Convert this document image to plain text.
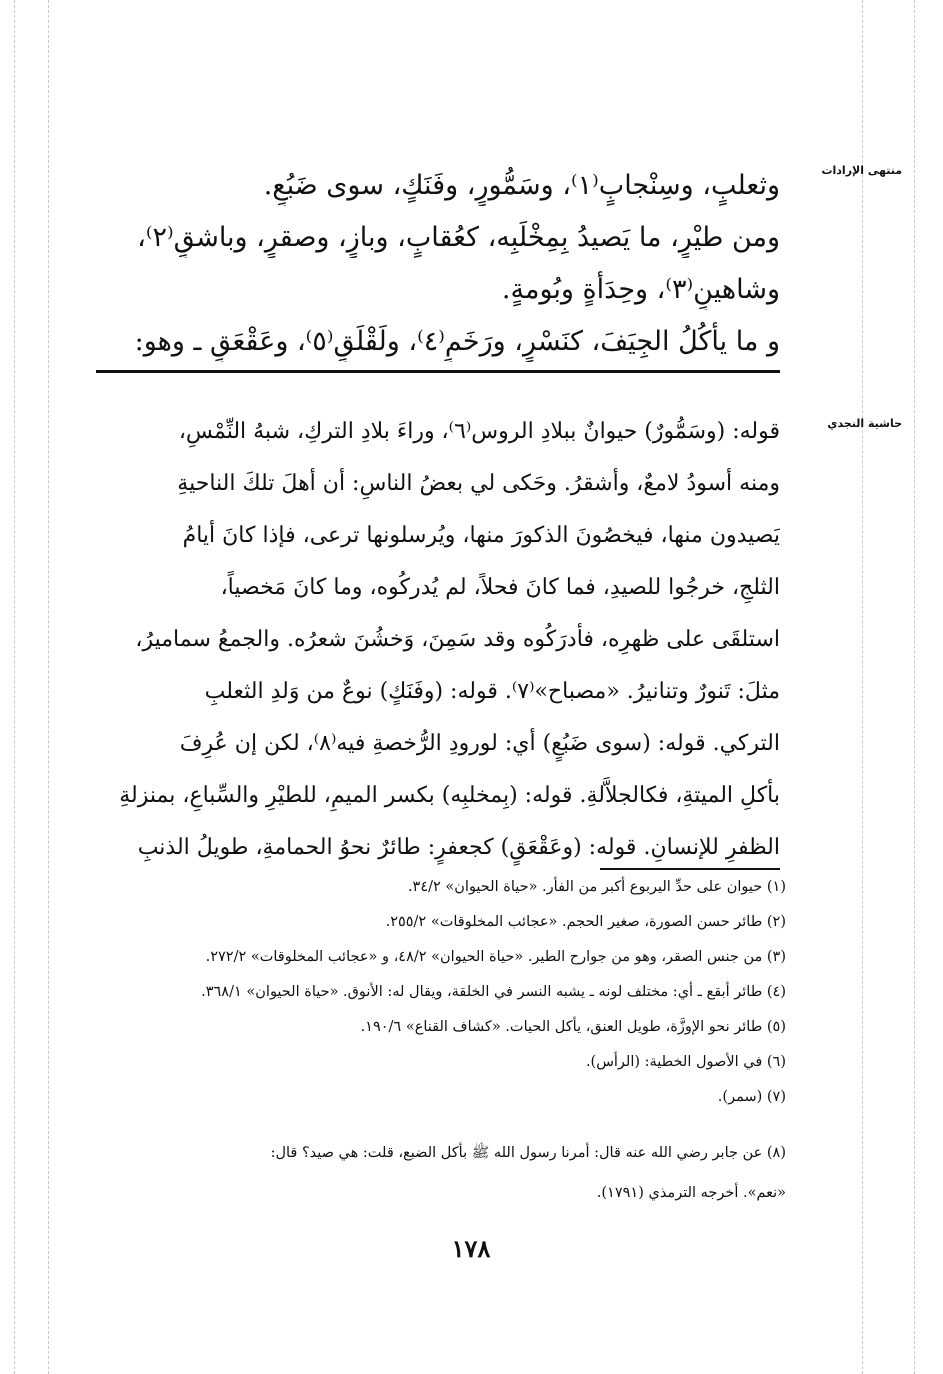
منتهى الإرادات
حاشية النجدي
وثعلبٍ، وسِنْجابٍ⁽١⁾، وسَمُّورٍ، وفَنَكٍ، سوى ضَبُعٍ.
ومن طيْرٍ، ما يَصيدُ بِمِخْلَبِه، كعُقابٍ، وبازٍ، وصقرٍ، وباشقٍ⁽٢⁾،
وشاهينٍ⁽٣⁾، وحِدَأَةٍ وبُومةٍ.
و ما يأكُلُ الجِيَفَ، كنَسْرٍ، ورَخَمٍ⁽٤⁾، ولَقْلَقٍ⁽٥⁾، وعَقْعَقٍ ـ وهو:
قوله: (وسَمُّورٌ) حيوانٌ ببلادِ الروس⁽٦⁾، وراءَ بلادِ التركِ، شبهُ النِّمْسِ،
ومنه أسودُ لامعٌ، وأشقرُ. وحَكى لي بعضُ الناسِ: أن أهلَ تلكَ الناحيةِ
يَصيدون منها، فيخصُونَ الذكورَ منها، ويُرسلونها ترعى، فإذا كانَ أيامُ
الثلجِ، خرجُوا للصيدِ، فما كانَ فحلاً، لم يُدركُوه، وما كانَ مَخصياً،
استلقَى على ظهرِه، فأدرَكُوه وقد سَمِنَ، وَخشُنَ شعرُه. والجمعُ سماميرُ،
مثلَ: تَنورٌ وتنانيرُ. «مصباح»⁽٧⁾. قوله: (وفَنَكٍ) نوعٌ من وَلدِ الثعلبِ
التركي. قوله: (سوى ضَبُعٍ) أي: لورودِ الرُّخصةِ فيه⁽٨⁾، لكن إن عُرِفَ
بأكلِ الميتةِ، فكالجلاَّلةِ. قوله: (بِمخلبِه) بكسر الميمِ، للطيْرِ والسِّباعِ، بمنزلةِ
الظفرِ للإنسانِ. قوله: (وعَقْعَقٍ) كجعفرٍ: طائرٌ نحوُ الحمامةِ، طويلُ الذنبِ
(١) حيوان على حدِّ اليربوع أكبر من الفأر. «حياة الحيوان» ٣٤/٢.
(٢) طائر حسن الصورة، صغير الحجم. «عجائب المخلوقات» ٢٥٥/٢.
(٣) من جنس الصقر، وهو من جوارح الطير. «حياة الحيوان» ٤٨/٢، و «عجائب المخلوقات» ٢٧٢/٢.
(٤) طائر أبقع ـ أي: مختلف لونه ـ يشبه النسر في الخلقة، ويقال له: الأنوق. «حياة الحيوان» ٣٦٨/١.
(٥) طائر نحو الإوزَّة، طويل العنق، يأكل الحيات. «كشاف القناع» ١٩٠/٦.
(٦) في الأصول الخطية: (الرأس).
(٧) (سمر).
(٨) عن جابر رضي الله عنه قال: أمرنا رسول الله ﷺ بأكل الضبع، قلت: هي صيد؟ قال:
«نعم». أخرجه الترمذي (١٧٩١).
١٧٨
